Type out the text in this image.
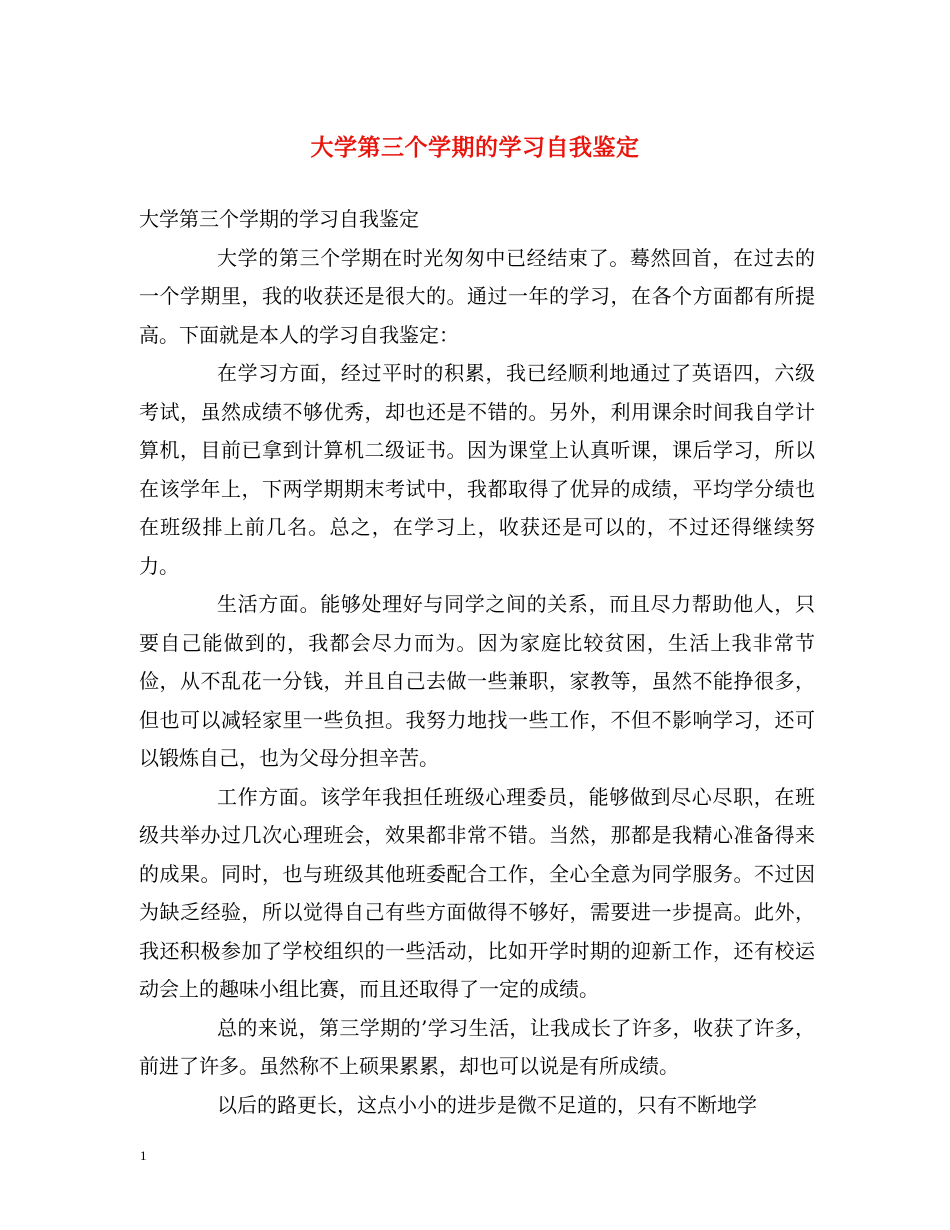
大学第三个学期的学习自我鉴定

大学第三个学期的学习自我鉴定

大学的第三个学期在时光匆匆中已经结束了。蓦然回首，在过去的一个学期里，我的收获还是很大的。通过一年的学习，在各个方面都有所提高。下面就是本人的学习自我鉴定：

在学习方面，经过平时的积累，我已经顺利地通过了英语四，六级考试，虽然成绩不够优秀，却也还是不错的。另外，利用课余时间我自学计算机，目前已拿到计算机二级证书。因为课堂上认真听课，课后学习，所以在该学年上，下两学期期末考试中，我都取得了优异的成绩，平均学分绩也在班级排上前几名。总之，在学习上，收获还是可以的，不过还得继续努力。

生活方面。能够处理好与同学之间的关系，而且尽力帮助他人，只要自己能做到的，我都会尽力而为。因为家庭比较贫困，生活上我非常节俭，从不乱花一分钱，并且自己去做一些兼职，家教等，虽然不能挣很多，但也可以减轻家里一些负担。我努力地找一些工作，不但不影响学习，还可以锻炼自己，也为父母分担辛苦。

工作方面。该学年我担任班级心理委员，能够做到尽心尽职，在班级共举办过几次心理班会，效果都非常不错。当然，那都是我精心准备得来的成果。同时，也与班级其他班委配合工作，全心全意为同学服务。不过因为缺乏经验，所以觉得自己有些方面做得不够好，需要进一步提高。此外，我还积极参加了学校组织的一些活动，比如开学时期的迎新工作，还有校运动会上的趣味小组比赛，而且还取得了一定的成绩。

总的来说，第三学期的’学习生活，让我成长了许多，收获了许多，前进了许多。虽然称不上硕果累累，却也可以说是有所成绩。

以后的路更长，这点小小的进步是微不足道的，只有不断地学

1
